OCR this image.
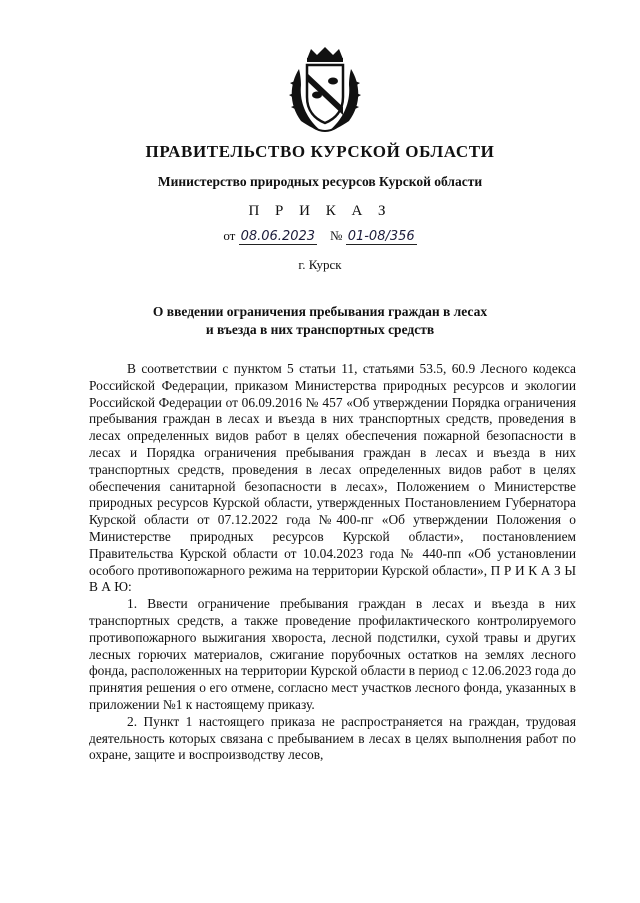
ПРАВИТЕЛЬСТВО КУРСКОЙ ОБЛАСТИ
Министерство природных ресурсов Курской области
П Р И К А З
от 08.06.2023 № 01-08/356
г. Курск
О введении ограничения пребывания граждан в лесах
и въезда в них транспортных средств

В соответствии с пунктом 5 статьи 11, статьями 53.5, 60.9 Лесного кодекса Российской Федерации, приказом Министерства природных ресурсов и экологии Российской Федерации от 06.09.2016 № 457 «Об утверждении Порядка ограничения пребывания граждан в лесах и въезда в них транспортных средств, проведения в лесах определенных видов работ в целях обеспечения пожарной безопасности в лесах и Порядка ограничения пребывания граждан в лесах и въезда в них транспортных средств, проведения в лесах определенных видов работ в целях обеспечения санитарной безопасности в лесах», Положением о Министерстве природных ресурсов Курской области, утвержденных Постановлением Губернатора Курской области от 07.12.2022 года №400-пг «Об утверждении Положения о Министерстве природных ресурсов Курской области», постановлением Правительства Курской области от 10.04.2023 года № 440-пп «Об установлении особого противопожарного режима на территории Курской области», П Р И К А З Ы В А Ю:

1. Ввести ограничение пребывания граждан в лесах и въезда в них транспортных средств, а также проведение профилактического контролируемого противопожарного выжигания хвороста, лесной подстилки, сухой травы и других лесных горючих материалов, сжигание порубочных остатков на землях лесного фонда, расположенных на территории Курской области в период с 12.06.2023 года до принятия решения о его отмене, согласно мест участков лесного фонда, указанных в приложении №1 к настоящему приказу.

2. Пункт 1 настоящего приказа не распространяется на граждан, трудовая деятельность которых связана с пребыванием в лесах в целях выполнения работ по охране, защите и воспроизводству лесов,
